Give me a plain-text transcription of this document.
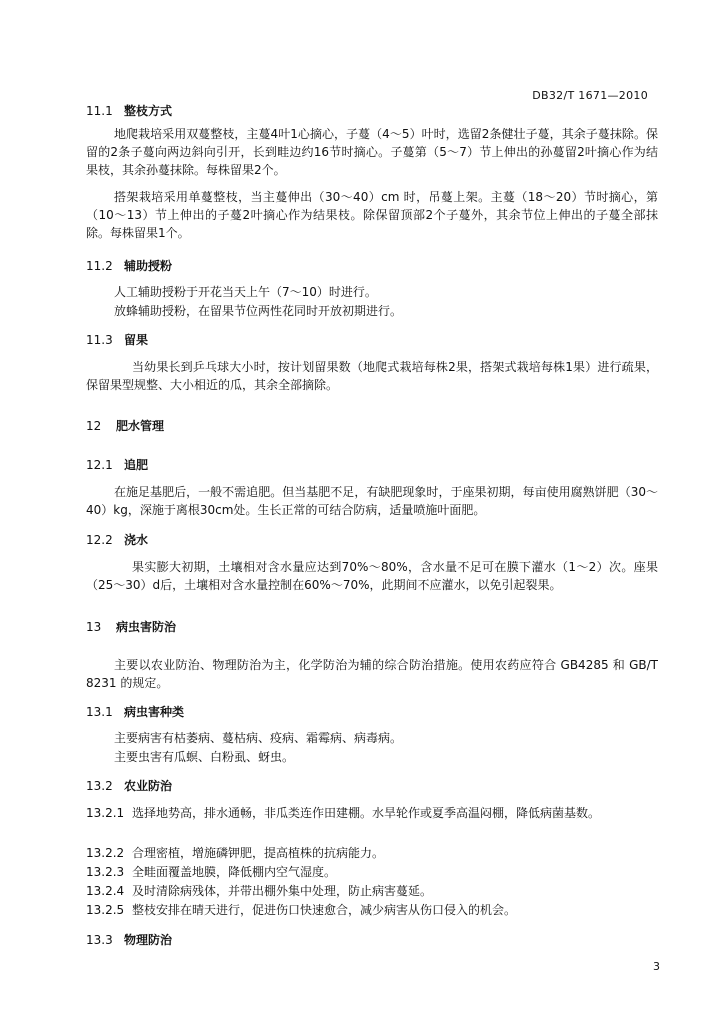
DB32/T 1671—2010
11.1 整枝方式
地爬栽培采用双蔓整枝，主蔓4叶1心摘心，子蔓（4～5）叶时，选留2条健壮子蔓，其余子蔓抹除。保留的2条子蔓向两边斜向引开，长到畦边约16节时摘心。子蔓第（5～7）节上伸出的孙蔓留2叶摘心作为结果枝，其余孙蔓抹除。每株留果2个。
搭架栽培采用单蔓整枝，当主蔓伸出（30～40）cm 时，吊蔓上架。主蔓（18～20）节时摘心，第（10～13）节上伸出的子蔓2叶摘心作为结果枝。除保留顶部2个子蔓外，其余节位上伸出的子蔓全部抹除。每株留果1个。
11.2 辅助授粉
人工辅助授粉于开花当天上午（7～10）时进行。
放蜂辅助授粉，在留果节位两性花同时开放初期进行。
11.3 留果
当幼果长到乒乓球大小时，按计划留果数（地爬式栽培每株2果，搭架式栽培每株1果）进行疏果，保留果型规整、大小相近的瓜，其余全部摘除。
12 肥水管理
12.1 追肥
在施足基肥后，一般不需追肥。但当基肥不足，有缺肥现象时，于座果初期，每亩使用腐熟饼肥（30～40）kg，深施于离根30cm处。生长正常的可结合防病，适量喷施叶面肥。
12.2 浇水
果实膨大初期，土壤相对含水量应达到70%～80%，含水量不足可在膜下灌水（1～2）次。座果（25～30）d后，土壤相对含水量控制在60%～70%，此期间不应灌水，以免引起裂果。
13 病虫害防治
主要以农业防治、物理防治为主，化学防治为辅的综合防治措施。使用农药应符合 GB4285 和 GB/T 8231 的规定。
13.1 病虫害种类
主要病害有枯萎病、蔓枯病、疫病、霜霉病、病毒病。
主要虫害有瓜螟、白粉虱、蚜虫。
13.2 农业防治
13.2.1 选择地势高，排水通畅，非瓜类连作田建棚。水旱轮作或夏季高温闷棚，降低病菌基数。
13.2.2 合理密植，增施磷钾肥，提高植株的抗病能力。
13.2.3 全畦面覆盖地膜，降低棚内空气湿度。
13.2.4 及时清除病残体，并带出棚外集中处理，防止病害蔓延。
13.2.5 整枝安排在晴天进行，促进伤口快速愈合，减少病害从伤口侵入的机会。
13.3 物理防治
3
